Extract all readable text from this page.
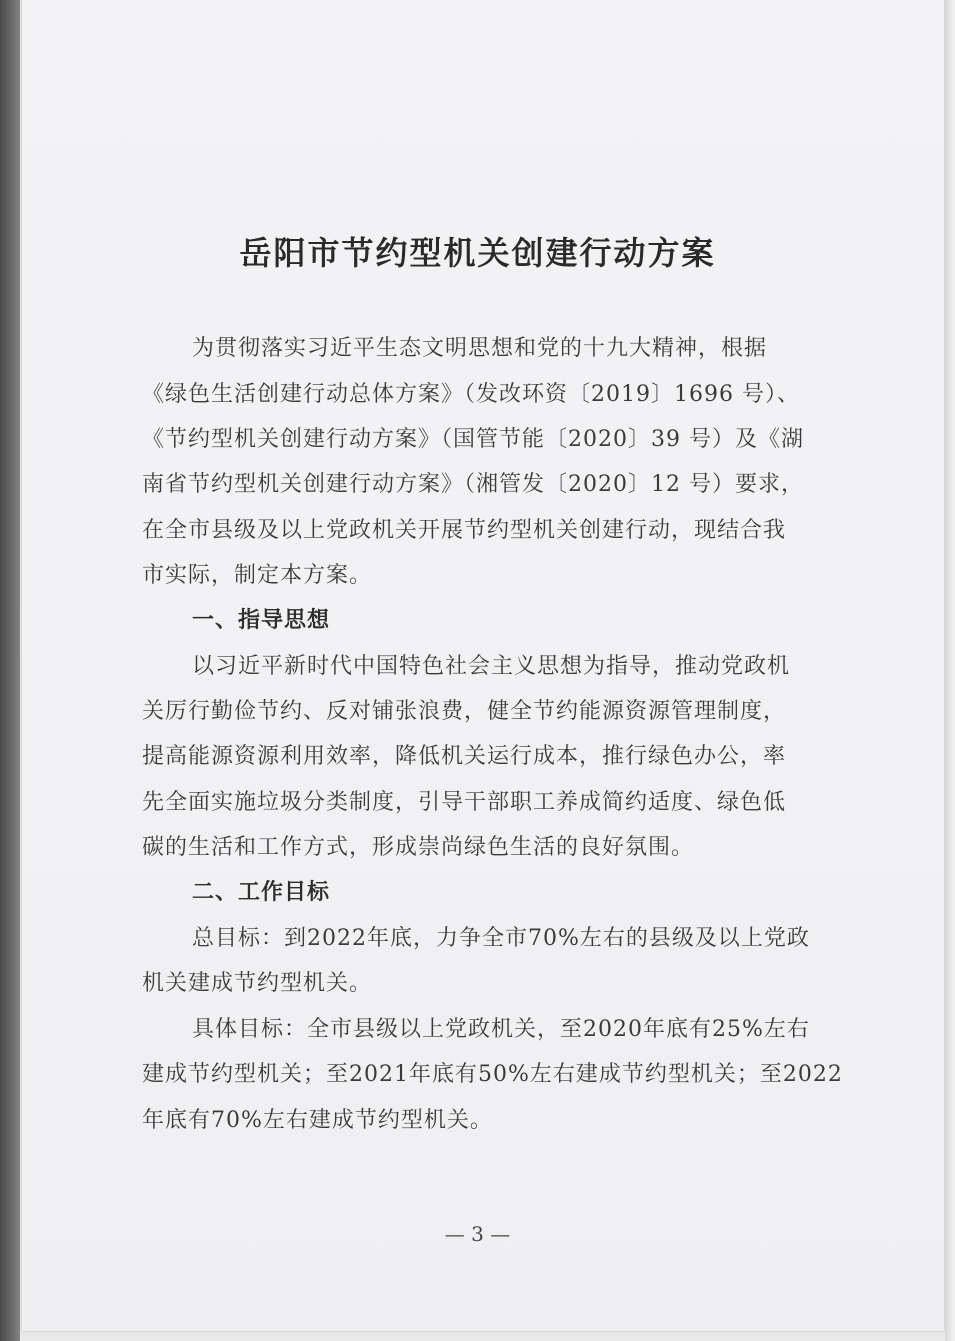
岳阳市节约型机关创建行动方案

为贯彻落实习近平生态文明思想和党的十九大精神，根据

《绿色生活创建行动总体方案》（发改环资〔2019〕1696 号）、

《节约型机关创建行动方案》（国管节能〔2020〕39 号）及《湖

南省节约型机关创建行动方案》（湘管发〔2020〕12 号）要求，

在全市县级及以上党政机关开展节约型机关创建行动，现结合我

市实际，制定本方案。

一、指导思想

以习近平新时代中国特色社会主义思想为指导，推动党政机

关厉行勤俭节约、反对铺张浪费，健全节约能源资源管理制度，

提高能源资源利用效率，降低机关运行成本，推行绿色办公，率

先全面实施垃圾分类制度，引导干部职工养成简约适度、绿色低

碳的生活和工作方式，形成崇尚绿色生活的良好氛围。

二、工作目标

总目标：到2022年底，力争全市70%左右的县级及以上党政

机关建成节约型机关。

具体目标：全市县级以上党政机关，至2020年底有25%左右

建成节约型机关；至2021年底有50%左右建成节约型机关；至2022

年底有70%左右建成节约型机关。

— 3 —
